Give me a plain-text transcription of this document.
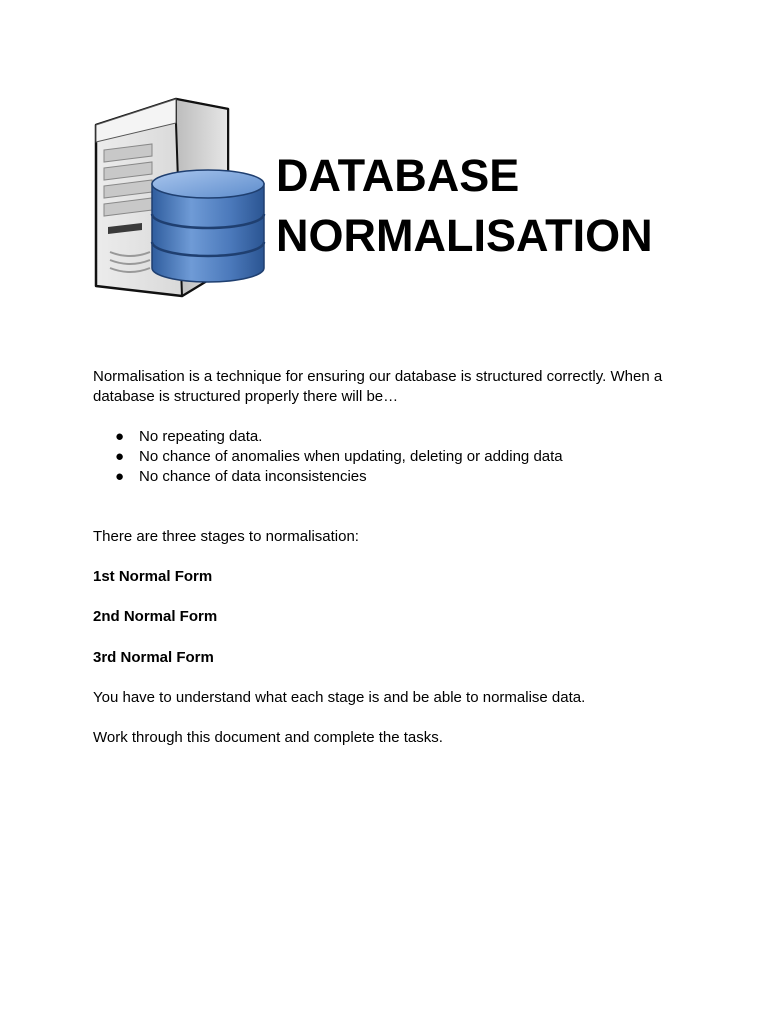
DATABASE
NORMALISATION

Normalisation is a technique for ensuring our database is structured correctly. When a database is structured properly there will be…

● No repeating data.
● No chance of anomalies when updating, deleting or adding data
● No chance of data inconsistencies

There are three stages to normalisation:

1st Normal Form

2nd Normal Form

3rd Normal Form

You have to understand what each stage is and be able to normalise data.

Work through this document and complete the tasks.
